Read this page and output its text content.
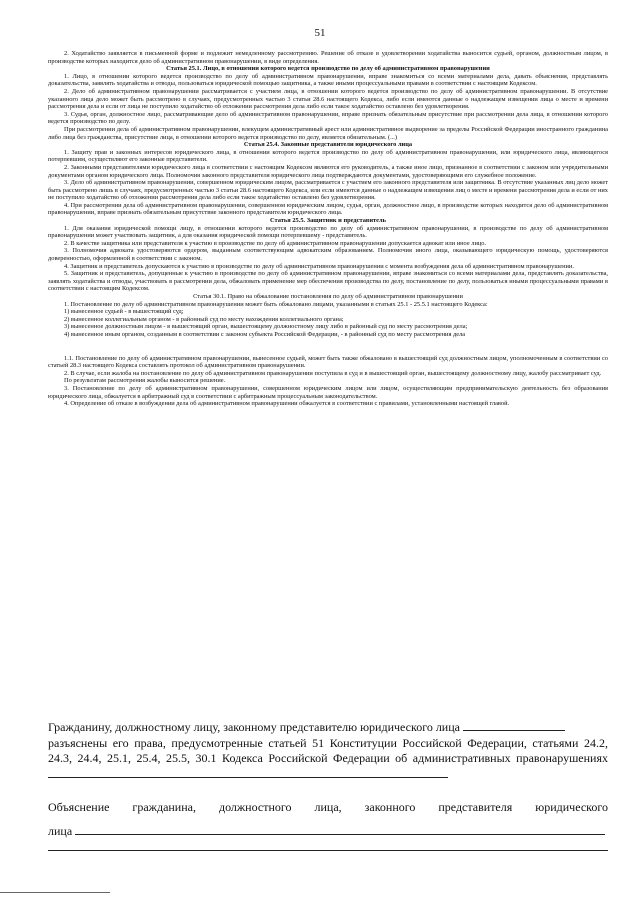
51

2. Ходатайство заявляется в письменной форме и подлежит немедленному рассмотрению. Решение об отказе в удовлетворении ходатайства выносится судьей, органом, должностным лицом, в производстве которых находится дело об административном правонарушении, в виде определения.

Статья 25.1. Лицо, в отношении которого ведется производство по делу об административном правонарушении

1. Лицо, в отношении которого ведется производство по делу об административном правонарушении, вправе знакомиться со всеми материалами дела, давать объяснения, представлять доказательства, заявлять ходатайства и отводы, пользоваться юридической помощью защитника, а также иными процессуальными правами в соответствии с настоящим Кодексом.

2. Дело об административном правонарушении рассматривается с участием лица, в отношении которого ведется производство по делу об административном правонарушении. В отсутствие указанного лица дело может быть рассмотрено в случаях, предусмотренных частью 3 статьи 28.6 настоящего Кодекса, либо если имеются данные о надлежащем извещении лица о месте и времени рассмотрения дела и если от лица не поступило ходатайство об отложении рассмотрения дела либо если такое ходатайство оставлено без удовлетворения.

3. Судья, орган, должностное лицо, рассматривающие дело об административном правонарушении, вправе признать обязательным присутствие при рассмотрении дела лица, в отношении которого ведется производство по делу.

При рассмотрении дела об административном правонарушении, влекущем административный арест или административное выдворение за пределы Российской Федерации иностранного гражданина либо лица без гражданства, присутствие лица, в отношении которого ведется производство по делу, является обязательным. (...)

Статья 25.4. Законные представители юридического лица

1. Защиту прав и законных интересов юридического лица, в отношении которого ведется производство по делу об административном правонарушении, или юридического лица, являющегося потерпевшим, осуществляют его законные представители.

2. Законными представителями юридического лица в соответствии с настоящим Кодексом являются его руководитель, а также иное лицо, признанное в соответствии с законом или учредительными документами органом юридического лица. Полномочия законного представителя юридического лица подтверждаются документами, удостоверяющими его служебное положение.

3. Дело об административном правонарушении, совершенном юридическим лицом, рассматривается с участием его законного представителя или защитника. В отсутствие указанных лиц дело может быть рассмотрено лишь в случаях, предусмотренных частью 3 статьи 28.6 настоящего Кодекса, или если имеются данные о надлежащем извещении лиц о месте и времени рассмотрения дела и если от них не поступило ходатайство об отложении рассмотрения дела либо если такое ходатайство оставлено без удовлетворения.

4. При рассмотрении дела об административном правонарушении, совершенном юридическим лицом, судья, орган, должностное лицо, в производстве которых находится дело об административном правонарушении, вправе признать обязательным присутствие законного представителя юридического лица.

Статья 25.5. Защитник и представитель

1. Для оказания юридической помощи лицу, в отношении которого ведется производство по делу об административном правонарушении, в производстве по делу об административном правонарушении может участвовать защитник, а для оказания юридической помощи потерпевшему - представитель.

2. В качестве защитника или представителя к участию в производстве по делу об административном правонарушении допускается адвокат или иное лицо.

3. Полномочия адвоката удостоверяются ордером, выданным соответствующим адвокатским образованием. Полномочия иного лица, оказывающего юридическую помощь, удостоверяются доверенностью, оформленной в соответствии с законом.

4. Защитник и представитель допускаются к участию в производстве по делу об административном правонарушении с момента возбуждения дела об административном правонарушении.

5. Защитник и представитель, допущенные к участию в производстве по делу об административном правонарушении, вправе знакомиться со всеми материалами дела, представлять доказательства, заявлять ходатайства и отводы, участвовать в рассмотрении дела, обжаловать применение мер обеспечения производства по делу, постановление по делу, пользоваться иными процессуальными правами в соответствии с настоящим Кодексом.

Статья 30.1. Право на обжалование постановления по делу об административном правонарушении

1. Постановление по делу об административном правонарушении может быть обжаловано лицами, указанными в статьях 25.1 - 25.5.1 настоящего Кодекса:

1) вынесенное судьей - в вышестоящий суд;

2) вынесенное коллегиальным органом - в районный суд по месту нахождения коллегиального органа;

3) вынесенное должностным лицом - в вышестоящий орган, вышестоящему должностному лицу либо в районный суд по месту рассмотрения дела;

4) вынесенное иным органом, созданным в соответствии с законом субъекта Российской Федерации, - в районный суд по месту рассмотрения дела

1.1. Постановление по делу об административном правонарушении, вынесенное судьей, может быть также обжаловано в вышестоящий суд должностным лицом, уполномоченным в соответствии со статьей 28.3 настоящего Кодекса составлять протокол об административном правонарушении.

2. В случае, если жалоба на постановление по делу об административном правонарушении поступила в суд и в вышестоящий орган, вышестоящему должностному лицу, жалобу рассматривает суд.

По результатам рассмотрения жалобы выносится решение.

3. Постановление по делу об административном правонарушении, совершенном юридическим лицом или лицом, осуществляющим предпринимательскую деятельность без образования юридического лица, обжалуется в арбитражный суд в соответствии с арбитражным процессуальным законодательством.

4. Определение об отказе в возбуждении дела об административном правонарушении обжалуется в соответствии с правилами, установленными настоящей главой.

Гражданину, должностному лицу, законному представителю юридического лица
разъяснены его права, предусмотренные статьей 51 Конституции Российской Федерации, статьями 24.2, 24.3, 24.4, 25.1, 25.4, 25.5, 30.1 Кодекса Российской Федерации об административных правонарушениях
Объяснение гражданина, должностного лица, законного представителя юридического
лица
